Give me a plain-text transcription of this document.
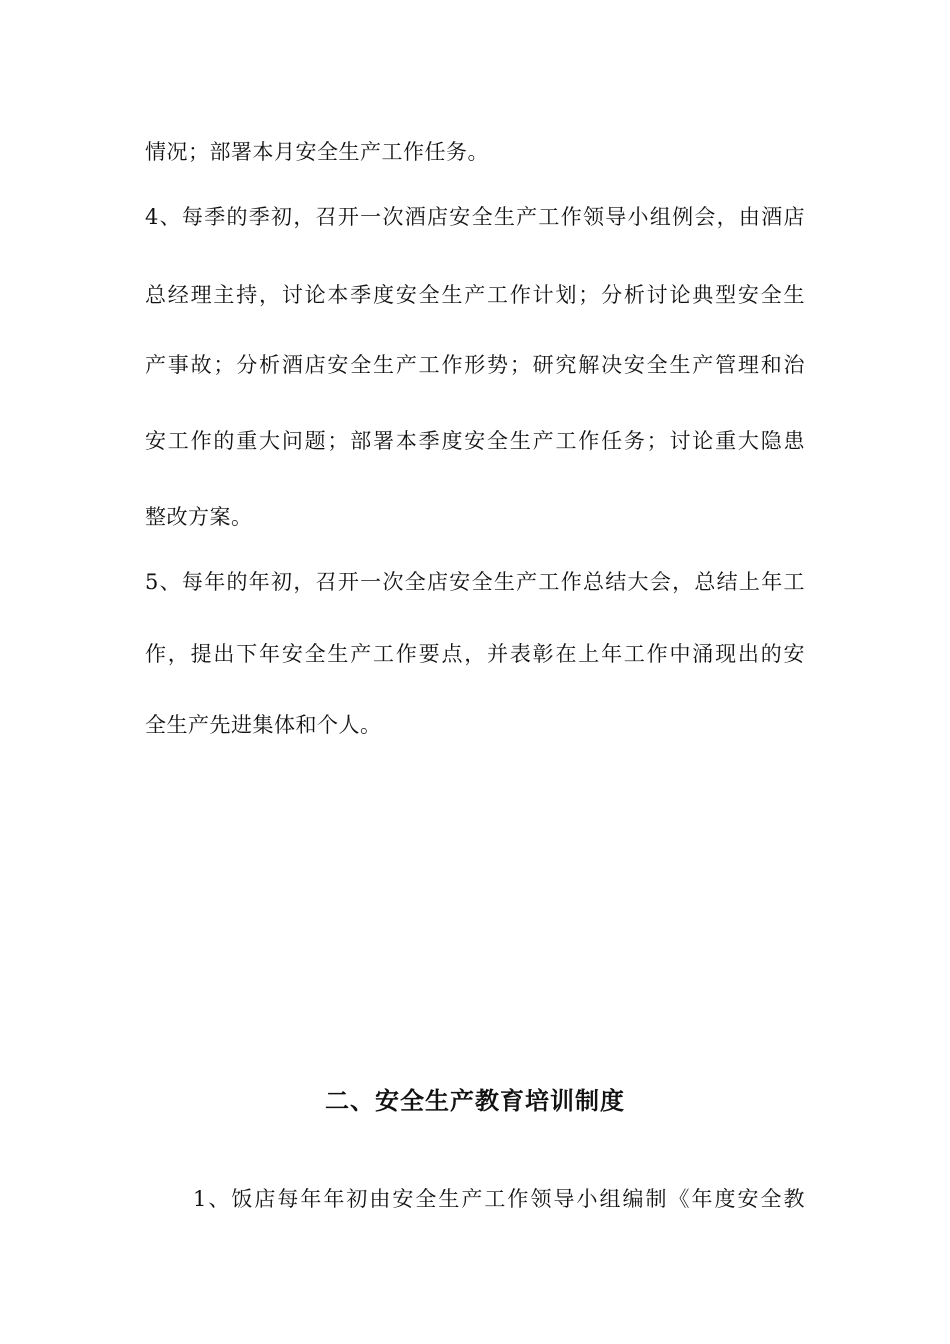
情况；部署本月安全生产工作任务。
4、每季的季初，召开一次酒店安全生产工作领导小组例会，由酒店
总经理主持，讨论本季度安全生产工作计划；分析讨论典型安全生
产事故；分析酒店安全生产工作形势；研究解决安全生产管理和治
安工作的重大问题；部署本季度安全生产工作任务；讨论重大隐患
整改方案。
5、每年的年初，召开一次全店安全生产工作总结大会，总结上年工
作，提出下年安全生产工作要点，并表彰在上年工作中涌现出的安
全生产先进集体和个人。
二、安全生产教育培训制度
1、饭店每年年初由安全生产工作领导小组编制《年度安全教
